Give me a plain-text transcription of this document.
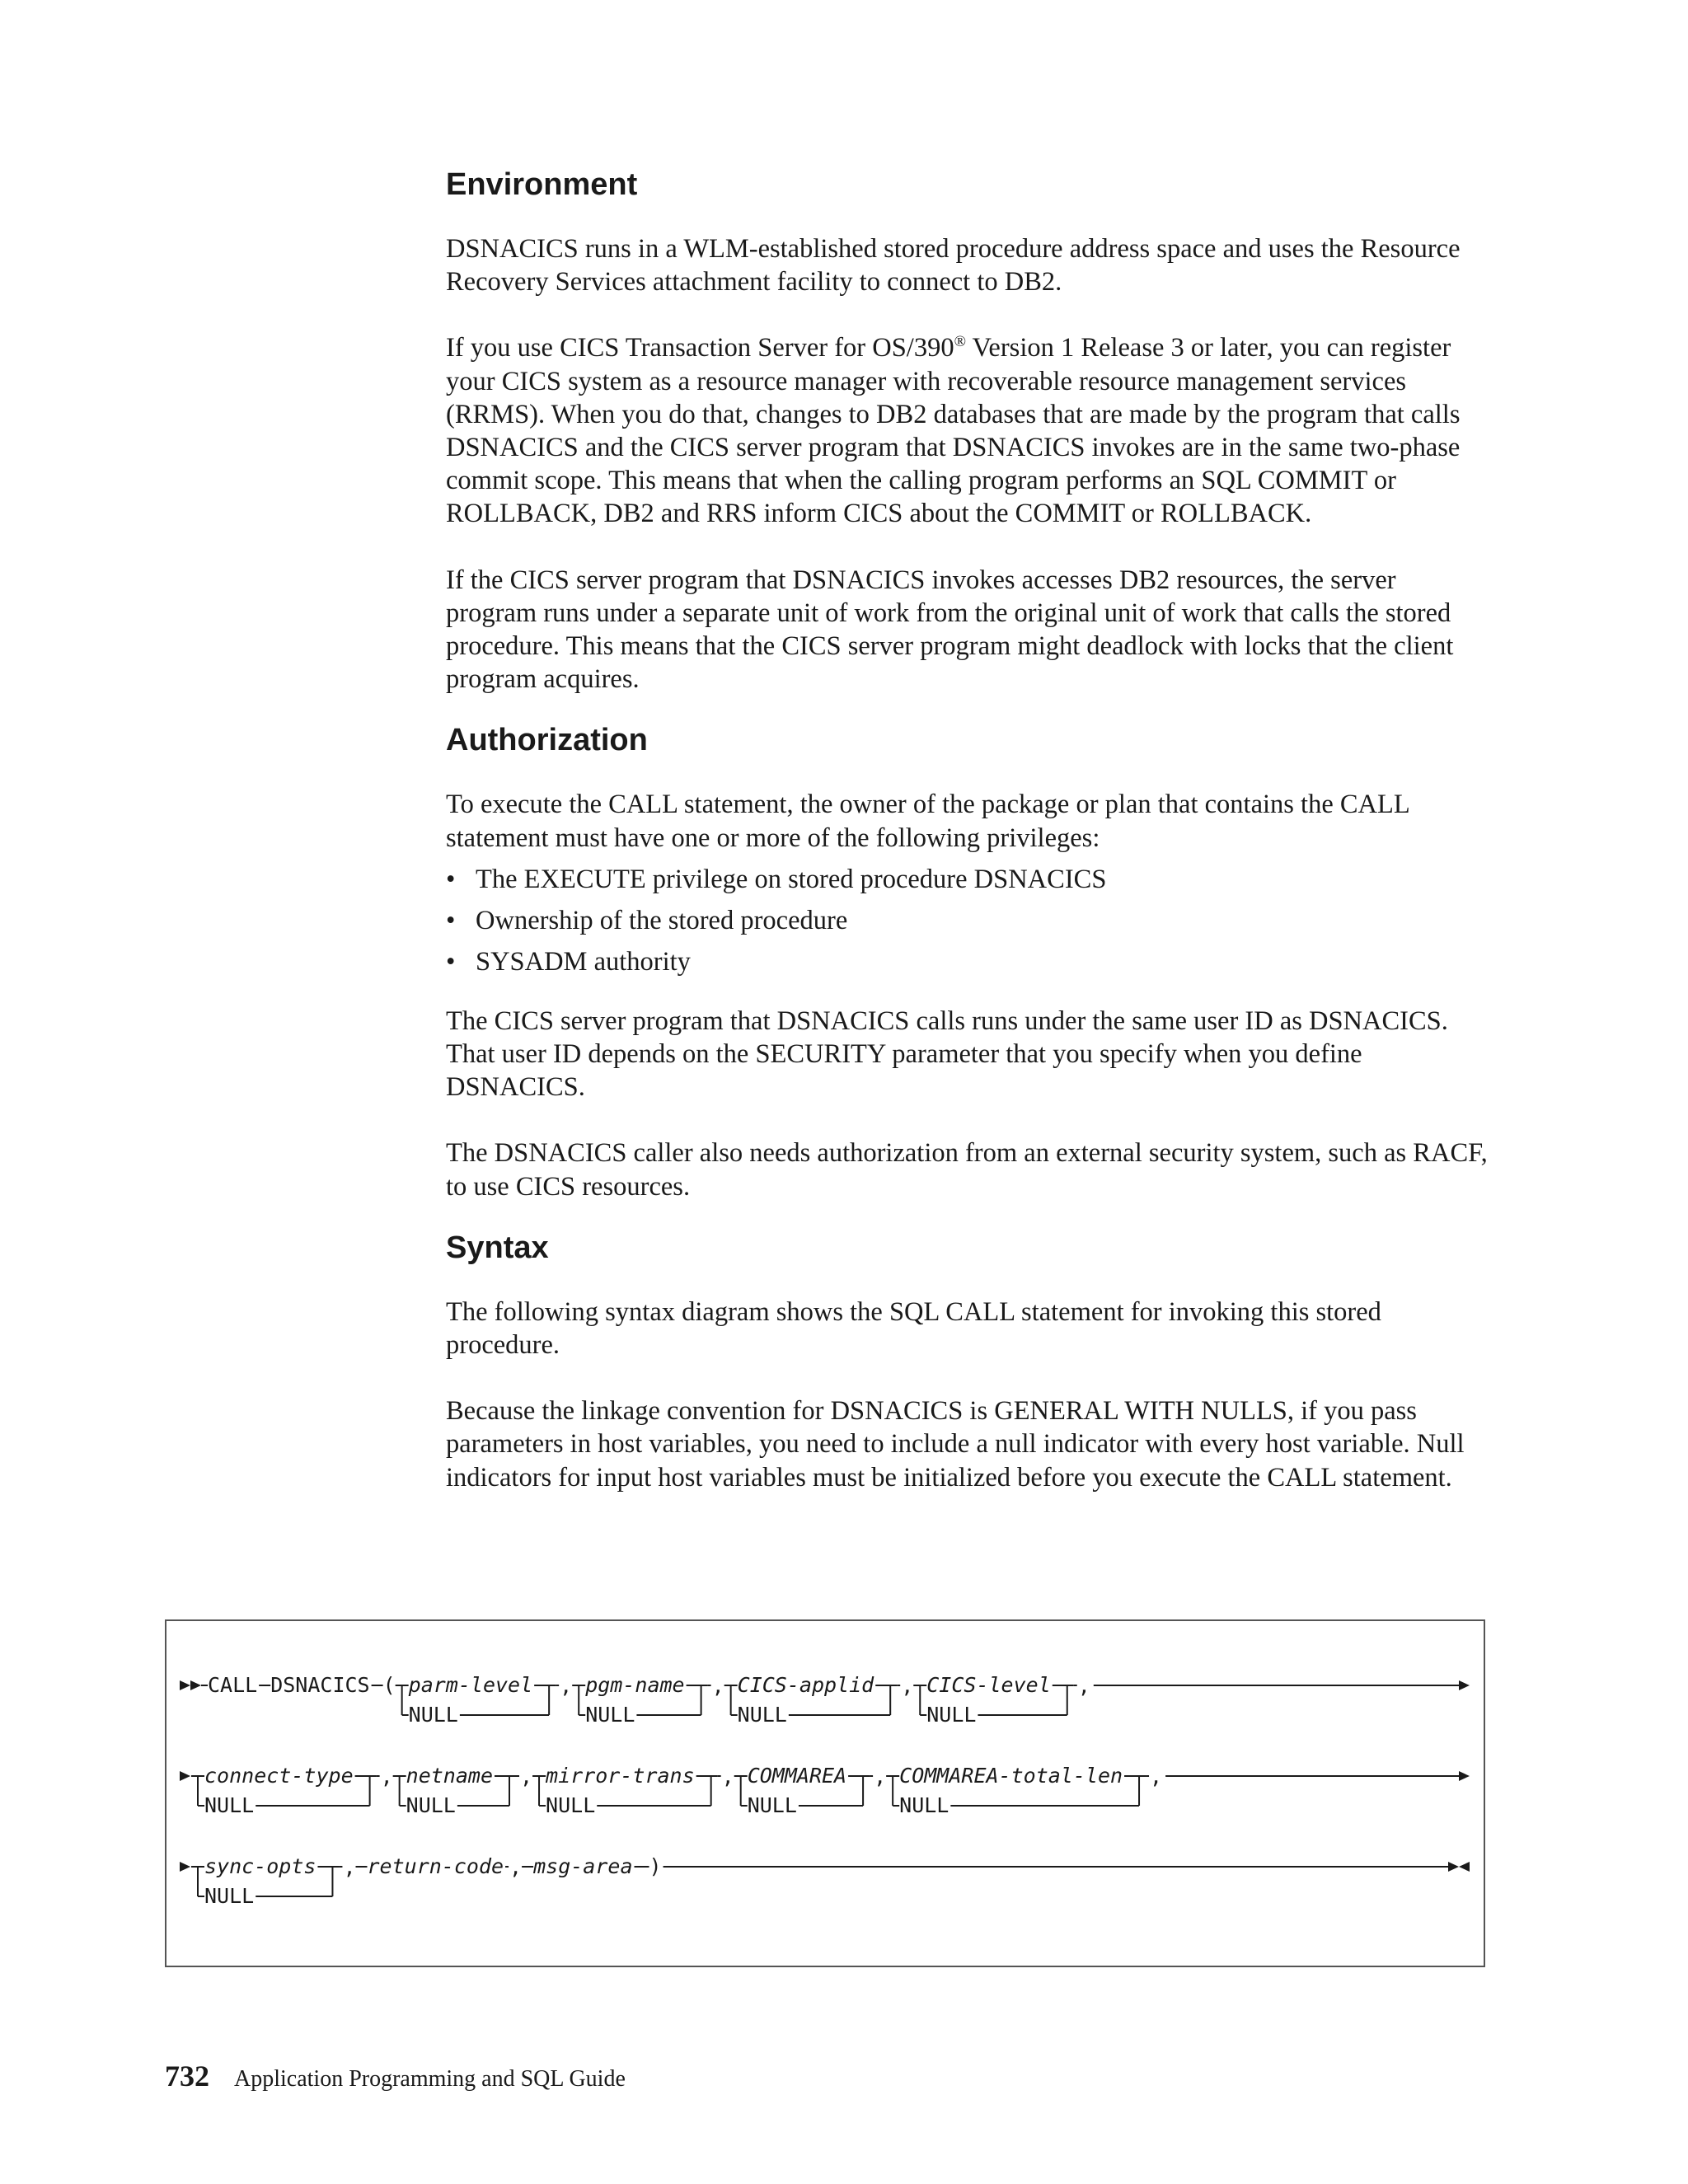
Environment

DSNACICS runs in a WLM-established stored procedure address space and uses the Resource Recovery Services attachment facility to connect to DB2.

If you use CICS Transaction Server for OS/390® Version 1 Release 3 or later, you can register your CICS system as a resource manager with recoverable resource management services (RRMS). When you do that, changes to DB2 databases that are made by the program that calls DSNACICS and the CICS server program that DSNACICS invokes are in the same two-phase commit scope. This means that when the calling program performs an SQL COMMIT or ROLLBACK, DB2 and RRS inform CICS about the COMMIT or ROLLBACK.

If the CICS server program that DSNACICS invokes accesses DB2 resources, the server program runs under a separate unit of work from the original unit of work that calls the stored procedure. This means that the CICS server program might deadlock with locks that the client program acquires.

Authorization

To execute the CALL statement, the owner of the package or plan that contains the CALL statement must have one or more of the following privileges:

• The EXECUTE privilege on stored procedure DSNACICS
• Ownership of the stored procedure
• SYSADM authority

The CICS server program that DSNACICS calls runs under the same user ID as DSNACICS. That user ID depends on the SECURITY parameter that you specify when you define DSNACICS.

The DSNACICS caller also needs authorization from an external security system, such as RACF, to use CICS resources.

Syntax

The following syntax diagram shows the SQL CALL statement for invoking this stored procedure.

Because the linkage convention for DSNACICS is GENERAL WITH NULLS, if you pass parameters in host variables, you need to include a null indicator with every host variable. Null indicators for input host variables must be initialized before you execute the CALL statement.

CALL DSNACICS ( parm-level
NULL
, pgm-name
NULL
, CICS-applid
NULL
, CICS-level
NULL
,
connect-type
NULL
, netname
NULL
, mirror-trans
NULL
, COMMAREA
NULL
, COMMAREA-total-len
NULL
,
sync-opts
NULL
, return-code , msg-area )
732 Application Programming and SQL Guide
